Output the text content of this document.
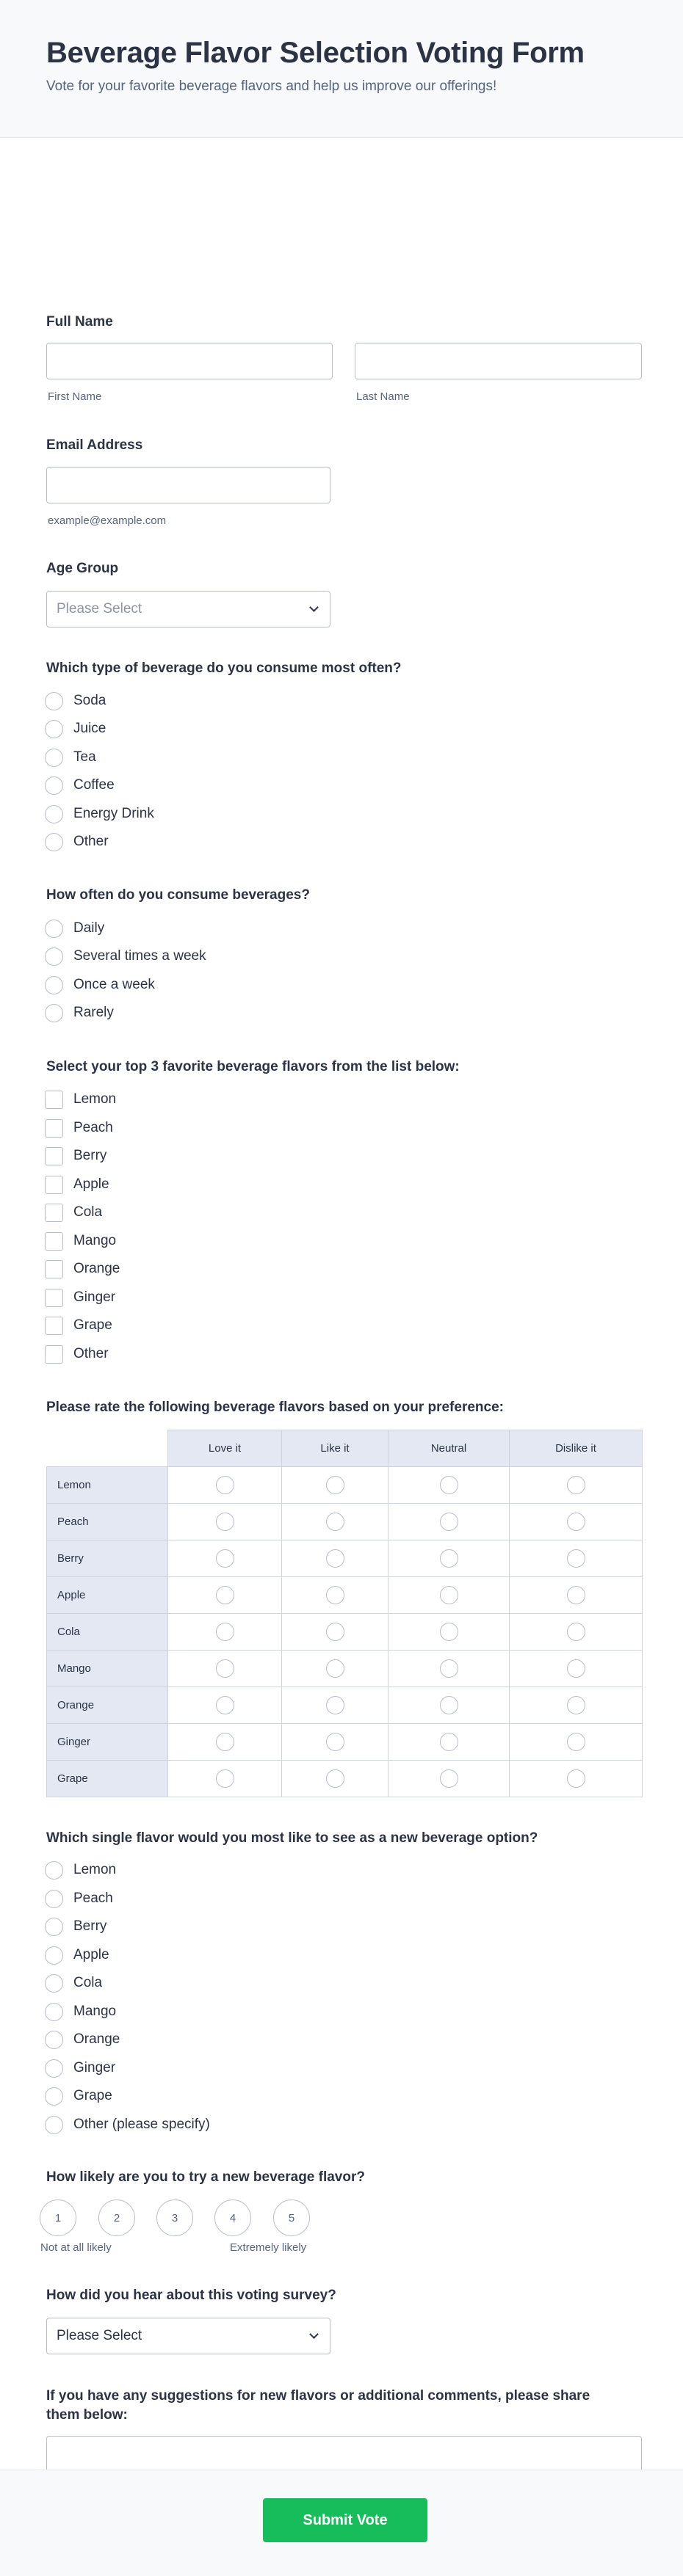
Beverage Flavor Selection Voting Form
Vote for your favorite beverage flavors and help us improve our offerings!
Full Name
First Name	Last Name
Email Address
example@example.com
Age Group
Please Select
Which type of beverage do you consume most often?
Soda
Juice
Tea
Coffee
Energy Drink
Other
How often do you consume beverages?
Daily
Several times a week
Once a week
Rarely
Select your top 3 favorite beverage flavors from the list below:
Lemon
Peach
Berry
Apple
Cola
Mango
Orange
Ginger
Grape
Other
Please rate the following beverage flavors based on your preference:
	Love it	Like it	Neutral	Dislike it
Lemon				
Peach				
Berry				
Apple				
Cola				
Mango				
Orange				
Ginger				
Grape				
Which single flavor would you most like to see as a new beverage option?
Lemon
Peach
Berry
Apple
Cola
Mango
Orange
Ginger
Grape
Other (please specify)
How likely are you to try a new beverage flavor?
1	2	3	4	5
Not at all likely	Extremely likely
How did you hear about this voting survey?
Please Select
If you have any suggestions for new flavors or additional comments, please share
them below:
Submit Vote
